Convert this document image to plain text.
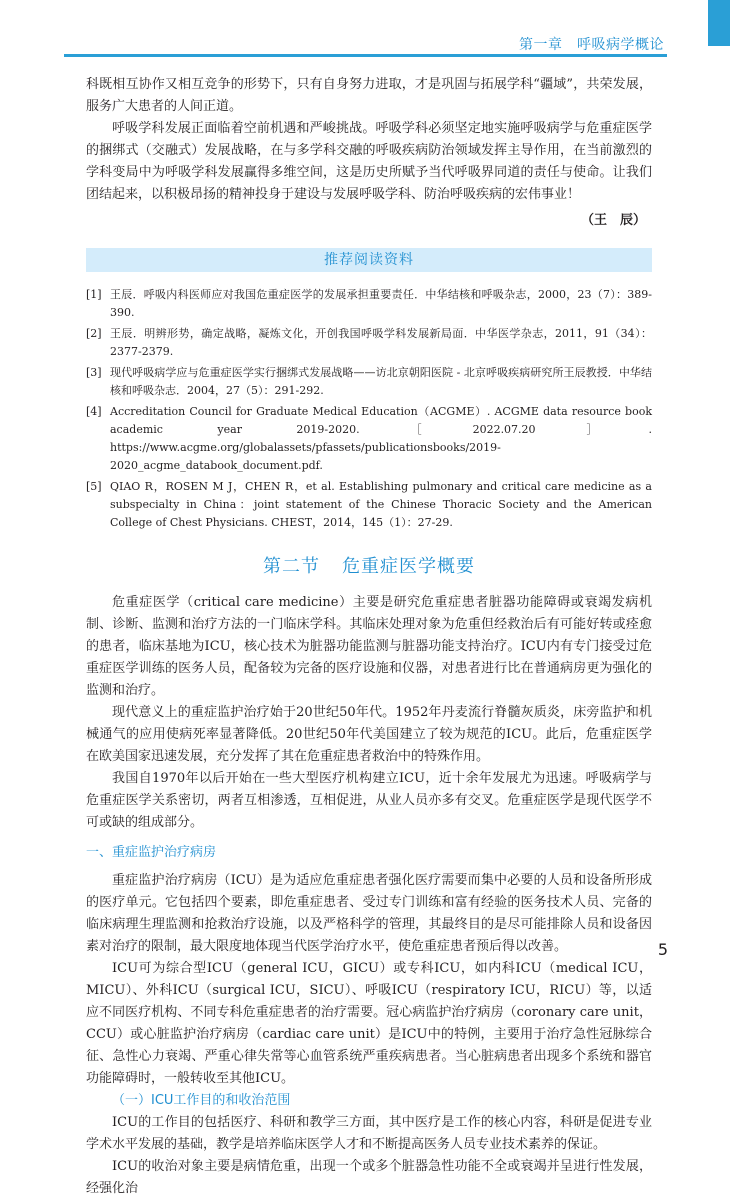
第一章　呼吸病学概论

科既相互协作又相互竞争的形势下，只有自身努力进取，才是巩固与拓展学科“疆域”，共荣发展，服务广大患者的人间正道。

呼吸学科发展正面临着空前机遇和严峻挑战。呼吸学科必须坚定地实施呼吸病学与危重症医学的捆绑式（交融式）发展战略，在与多学科交融的呼吸疾病防治领域发挥主导作用，在当前激烈的学科变局中为呼吸学科发展赢得多维空间，这是历史所赋予当代呼吸界同道的责任与使命。让我们团结起来，以积极昂扬的精神投身于建设与发展呼吸学科、防治呼吸疾病的宏伟事业！

（王　辰）
推荐阅读资料
[1] 王辰．呼吸内科医师应对我国危重症医学的发展承担重要责任．中华结核和呼吸杂志，2000，23（7）：389-390.
[2] 王辰．明辨形势，确定战略，凝炼文化，开创我国呼吸学科发展新局面．中华医学杂志，2011，91（34）：2377-2379.
[3] 现代呼吸病学应与危重症医学实行捆绑式发展战略——访北京朝阳医院 - 北京呼吸疾病研究所王辰教授．中华结核和呼吸杂志．2004，27（5）：291-292.
[4] Accreditation Council for Graduate Medical Education（ACGME）. ACGME data resource book academic year 2019-2020.［2022.07.20］. https://www.acgme.org/globalassets/pfassets/publicationsbooks/2019-2020_acgme_databook_document.pdf.
[5] QIAO R，ROSEN M J，CHEN R，et al. Establishing pulmonary and critical care medicine as a subspecialty in China：joint statement of the Chinese Thoracic Society and the American College of Chest Physicians. CHEST，2014，145（1）：27-29.
第二节 危重症医学概要

危重症医学（critical care medicine）主要是研究危重症患者脏器功能障碍或衰竭发病机制、诊断、监测和治疗方法的一门临床学科。其临床处理对象为危重但经救治后有可能好转或痊愈的患者，临床基地为ICU，核心技术为脏器功能监测与脏器功能支持治疗。ICU内有专门接受过危重症医学训练的医务人员，配备较为完备的医疗设施和仪器，对患者进行比在普通病房更为强化的监测和治疗。

现代意义上的重症监护治疗始于20世纪50年代。1952年丹麦流行脊髓灰质炎，床旁监护和机械通气的应用使病死率显著降低。20世纪50年代美国建立了较为规范的ICU。此后，危重症医学在欧美国家迅速发展，充分发挥了其在危重症患者救治中的特殊作用。

我国自1970年以后开始在一些大型医疗机构建立ICU，近十余年发展尤为迅速。呼吸病学与危重症医学关系密切，两者互相渗透，互相促进，从业人员亦多有交叉。危重症医学是现代医学不可或缺的组成部分。

一、重症监护治疗病房

重症监护治疗病房（ICU）是为适应危重症患者强化医疗需要而集中必要的人员和设备所形成的医疗单元。它包括四个要素，即危重症患者、受过专门训练和富有经验的医务技术人员、完备的临床病理生理监测和抢救治疗设施，以及严格科学的管理，其最终目的是尽可能排除人员和设备因素对治疗的限制，最大限度地体现当代医学治疗水平，使危重症患者预后得以改善。

ICU可为综合型ICU（general ICU，GICU）或专科ICU，如内科ICU（medical ICU，MICU）、外科ICU（surgical ICU，SICU）、呼吸ICU（respiratory ICU，RICU）等，以适应不同医疗机构、不同专科危重症患者的治疗需要。冠心病监护治疗病房（coronary care unit，CCU）或心脏监护治疗病房（cardiac care unit）是ICU中的特例，主要用于治疗急性冠脉综合征、急性心力衰竭、严重心律失常等心血管系统严重疾病患者。当心脏病患者出现多个系统和器官功能障碍时，一般转收至其他ICU。

（一）ICU工作目的和收治范围

ICU的工作目的包括医疗、科研和教学三方面，其中医疗是工作的核心内容，科研是促进专业学术水平发展的基础，教学是培养临床医学人才和不断提高医务人员专业技术素养的保证。

ICU的收治对象主要是病情危重，出现一个或多个脏器急性功能不全或衰竭并呈进行性发展，经强化治

5
